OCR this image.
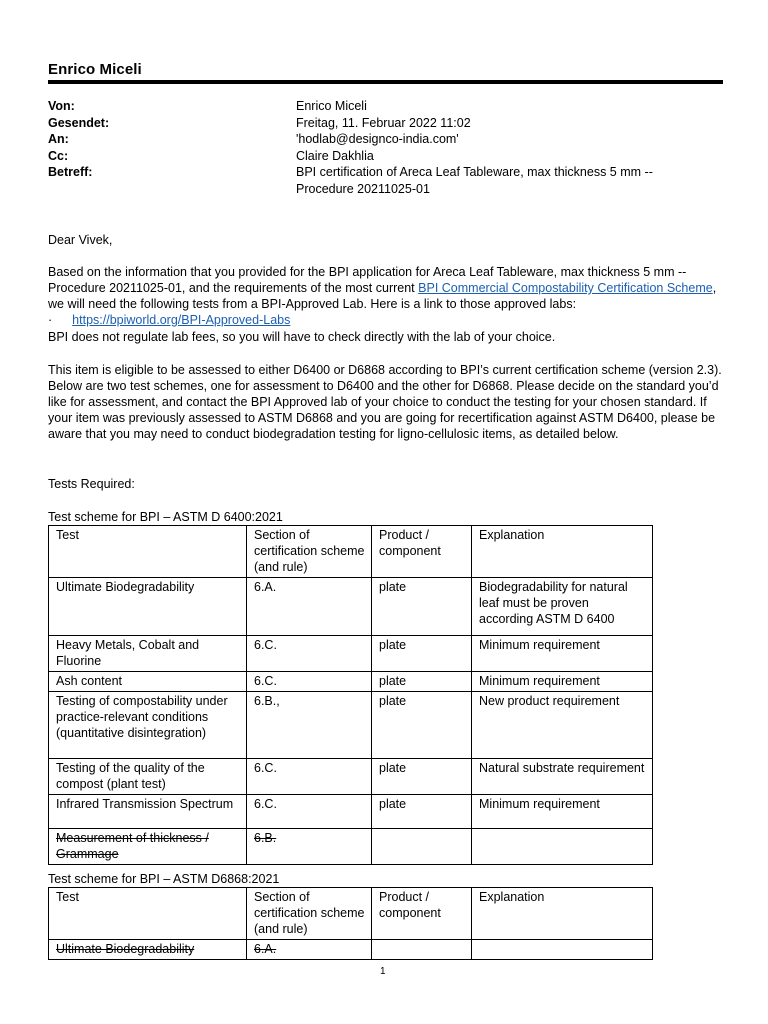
Enrico Miceli
Von:	Enrico Miceli
Gesendet:	Freitag, 11. Februar 2022 11:02
An:	'hodlab@designco-india.com'
Cc:	Claire Dakhlia
Betreff:	BPI certification of Areca Leaf Tableware, max thickness 5 mm -- Procedure 20211025-01

Dear Vivek,

Based on the information that you provided for the BPI application for Areca Leaf Tableware, max thickness 5 mm -- Procedure 20211025-01, and the requirements of the most current BPI Commercial Compostability Certification Scheme, we will need the following tests from a BPI-Approved Lab. Here is a link to those approved labs:

· https://bpiworld.org/BPI-Approved-Labs

BPI does not regulate lab fees, so you will have to check directly with the lab of your choice.

This item is eligible to be assessed to either D6400 or D6868 according to BPI’s current certification scheme (version 2.3). Below are two test schemes, one for assessment to D6400 and the other for D6868. Please decide on the standard you’d like for assessment, and contact the BPI Approved lab of your choice to conduct the testing for your chosen standard. If your item was previously assessed to ASTM D6868 and you are going for recertification against ASTM D6400, please be aware that you may need to conduct biodegradation testing for ligno-cellulosic items, as detailed below.

Tests Required:

Test scheme for BPI – ASTM D 6400:2021

Test	Section of certification scheme (and rule)	Product / component	Explanation
Ultimate Biodegradability	6.A.	plate	Biodegradability for natural leaf must be proven according ASTM D 6400
Heavy Metals, Cobalt and Fluorine	6.C.	plate	Minimum requirement
Ash content	6.C.	plate	Minimum requirement
Testing of compostability under practice-relevant conditions (quantitative disintegration)	6.B.,	plate	New product requirement
Testing of the quality of the compost (plant test)	6.C.	plate	Natural substrate requirement
Infrared Transmission Spectrum	6.C.	plate	Minimum requirement
Measurement of thickness / Grammage	6.B.		

Test scheme for BPI – ASTM D6868:2021

Test	Section of certification scheme (and rule)	Product / component	Explanation
Ultimate Biodegradability	6.A.		
1
